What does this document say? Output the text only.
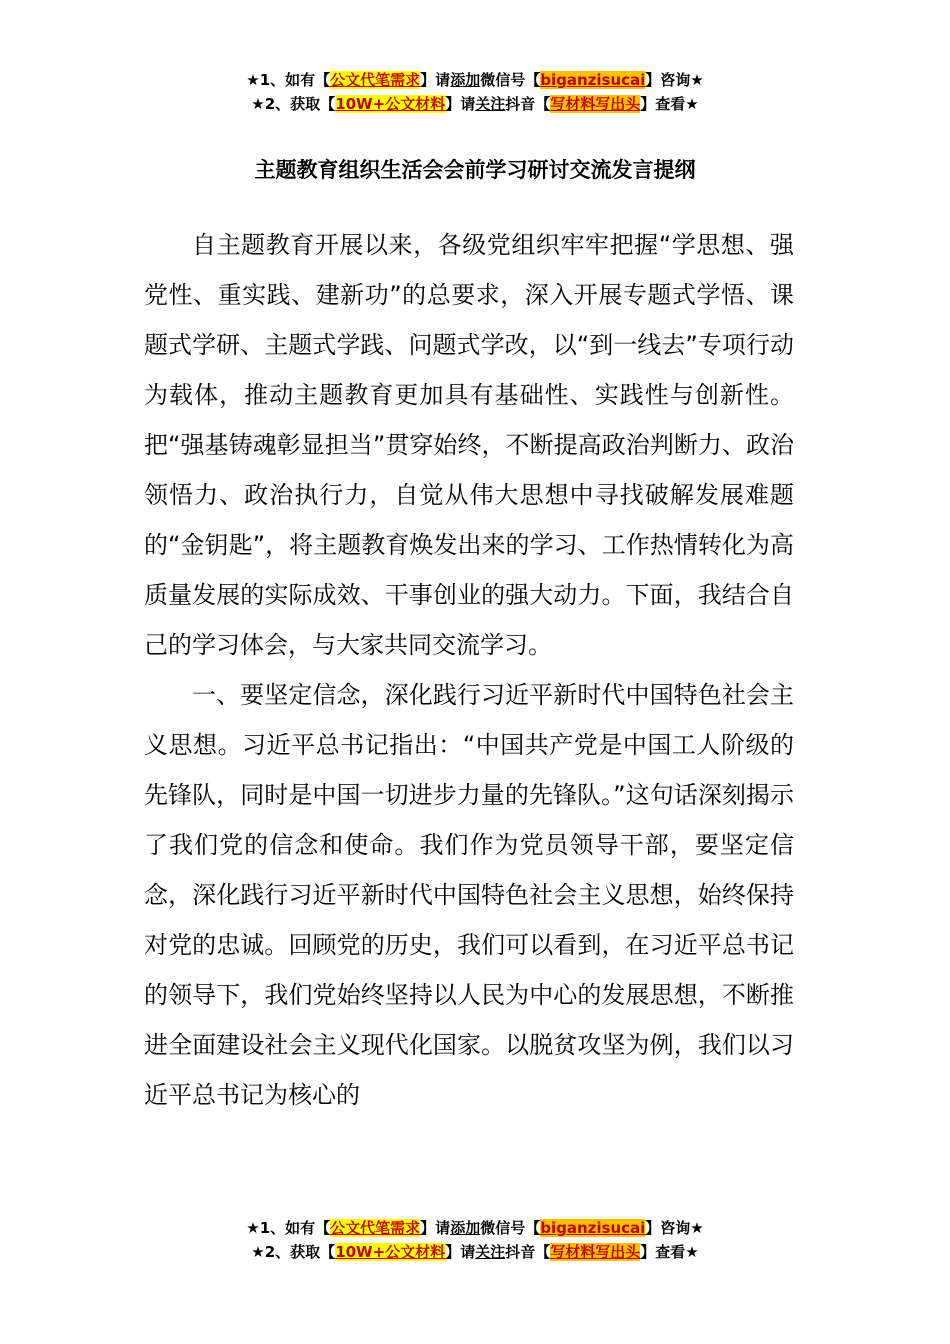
★1、如有【公文代笔需求】请添加微信号【biganzisucai】咨询★
★2、获取【10W+公文材料】请关注抖音【写材料写出头】查看★
主题教育组织生活会会前学习研讨交流发言提纲

自主题教育开展以来，各级党组织牢牢把握“学思想、强党性、重实践、建新功”的总要求，深入开展专题式学悟、课题式学研、主题式学践、问题式学改，以“到一线去”专项行动为载体，推动主题教育更加具有基础性、实践性与创新性。把“强基铸魂彰显担当”贯穿始终，不断提高政治判断力、政治领悟力、政治执行力，自觉从伟大思想中寻找破解发展难题的“金钥匙”，将主题教育焕发出来的学习、工作热情转化为高质量发展的实际成效、干事创业的强大动力。下面，我结合自己的学习体会，与大家共同交流学习。

一、要坚定信念，深化践行习近平新时代中国特色社会主义思想。习近平总书记指出：“中国共产党是中国工人阶级的先锋队，同时是中国一切进步力量的先锋队。”这句话深刻揭示了我们党的信念和使命。我们作为党员领导干部，要坚定信念，深化践行习近平新时代中国特色社会主义思想，始终保持对党的忠诚。回顾党的历史，我们可以看到，在习近平总书记的领导下，我们党始终坚持以人民为中心的发展思想，不断推进全面建设社会主义现代化国家。以脱贫攻坚为例，我们以习近平总书记为核心的

★1、如有【公文代笔需求】请添加微信号【biganzisucai】咨询★
★2、获取【10W+公文材料】请关注抖音【写材料写出头】查看★
